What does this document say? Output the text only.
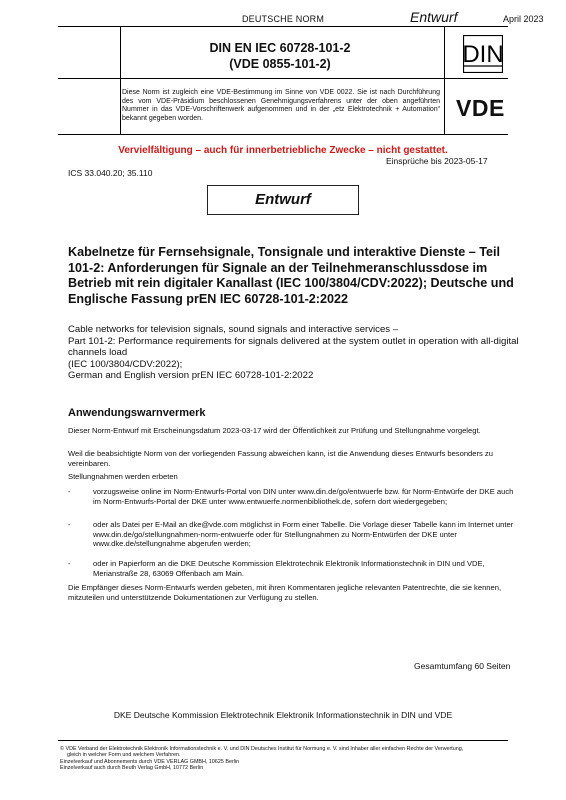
DEUTSCHE NORM	Entwurf	April 2023
DIN EN IEC 60728-101-2
(VDE 0855-101-2)	DIN
Diese Norm ist zugleich eine VDE-Bestimmung im Sinne von VDE 0022. Sie ist nach Durchführung des vom VDE-Präsidium beschlossenen Genehmigungsverfahrens unter der oben angeführten Nummer in das VDE-Vorschriftenwerk aufgenommen und in der „etz Elektrotechnik + Automation“ bekannt gegeben worden.	VDE
Vervielfältigung – auch für innerbetriebliche Zwecke – nicht gestattet.
Einsprüche bis 2023-05-17
ICS 33.040.20; 35.110
Entwurf
Kabelnetze für Fernsehsignale, Tonsignale und interaktive Dienste – Teil 101-2: Anforderungen für Signale an der Teilnehmeranschlussdose im Betrieb mit rein digitaler Kanallast (IEC 100/3804/CDV:2022); Deutsche und Englische Fassung prEN IEC 60728-101-2:2022
Cable networks for television signals, sound signals and interactive services –
Part 101-2: Performance requirements for signals delivered at the system outlet in operation with all-digital channels load
(IEC 100/3804/CDV:2022);
German and English version prEN IEC 60728-101-2:2022
Anwendungswarnvermerk
Dieser Norm-Entwurf mit Erscheinungsdatum 2023-03-17 wird der Öffentlichkeit zur Prüfung und Stellungnahme vorgelegt.
Weil die beabsichtigte Norm von der vorliegenden Fassung abweichen kann, ist die Anwendung dieses Entwurfs besonders zu vereinbaren.
Stellungnahmen werden erbeten
-	vorzugsweise online im Norm-Entwurfs-Portal von DIN unter www.din.de/go/entwuerfe bzw. für Norm-Entwürfe der DKE auch im Norm-Entwurfs-Portal der DKE unter www.entwuerfe.normenbibliothek.de, sofern dort wiedergegeben;
-	oder als Datei per E-Mail an dke@vde.com möglichst in Form einer Tabelle. Die Vorlage dieser Tabelle kann im Internet unter www.din.de/go/stellungnahmen-norm-entwuerfe oder für Stellungnahmen zu Norm-Entwürfen der DKE unter www.dke.de/stellungnahme abgerufen werden;
-	oder in Papierform an die DKE Deutsche Kommission Elektrotechnik Elektronik Informationstechnik in DIN und VDE, Merianstraße 28, 63069 Offenbach am Main.
Die Empfänger dieses Norm-Entwurfs werden gebeten, mit ihren Kommentaren jegliche relevanten Patentrechte, die sie kennen, mitzuteilen und unterstützende Dokumentationen zur Verfügung zu stellen.
Gesamtumfang 60 Seiten
DKE Deutsche Kommission Elektrotechnik Elektronik Informationstechnik in DIN und VDE
© VDE Verband der Elektrotechnik Elektronik Informationstechnik e. V. und DIN Deutsches Institut für Normung e. V. sind Inhaber aller einfachen Rechte der Verwertung,
gleich in welcher Form und welchem Verfahren.
Einzelverkauf und Abonnements durch VDE VERLAG GMBH, 10625 Berlin
Einzelverkauf auch durch Beuth Verlag GmbH, 10772 Berlin
